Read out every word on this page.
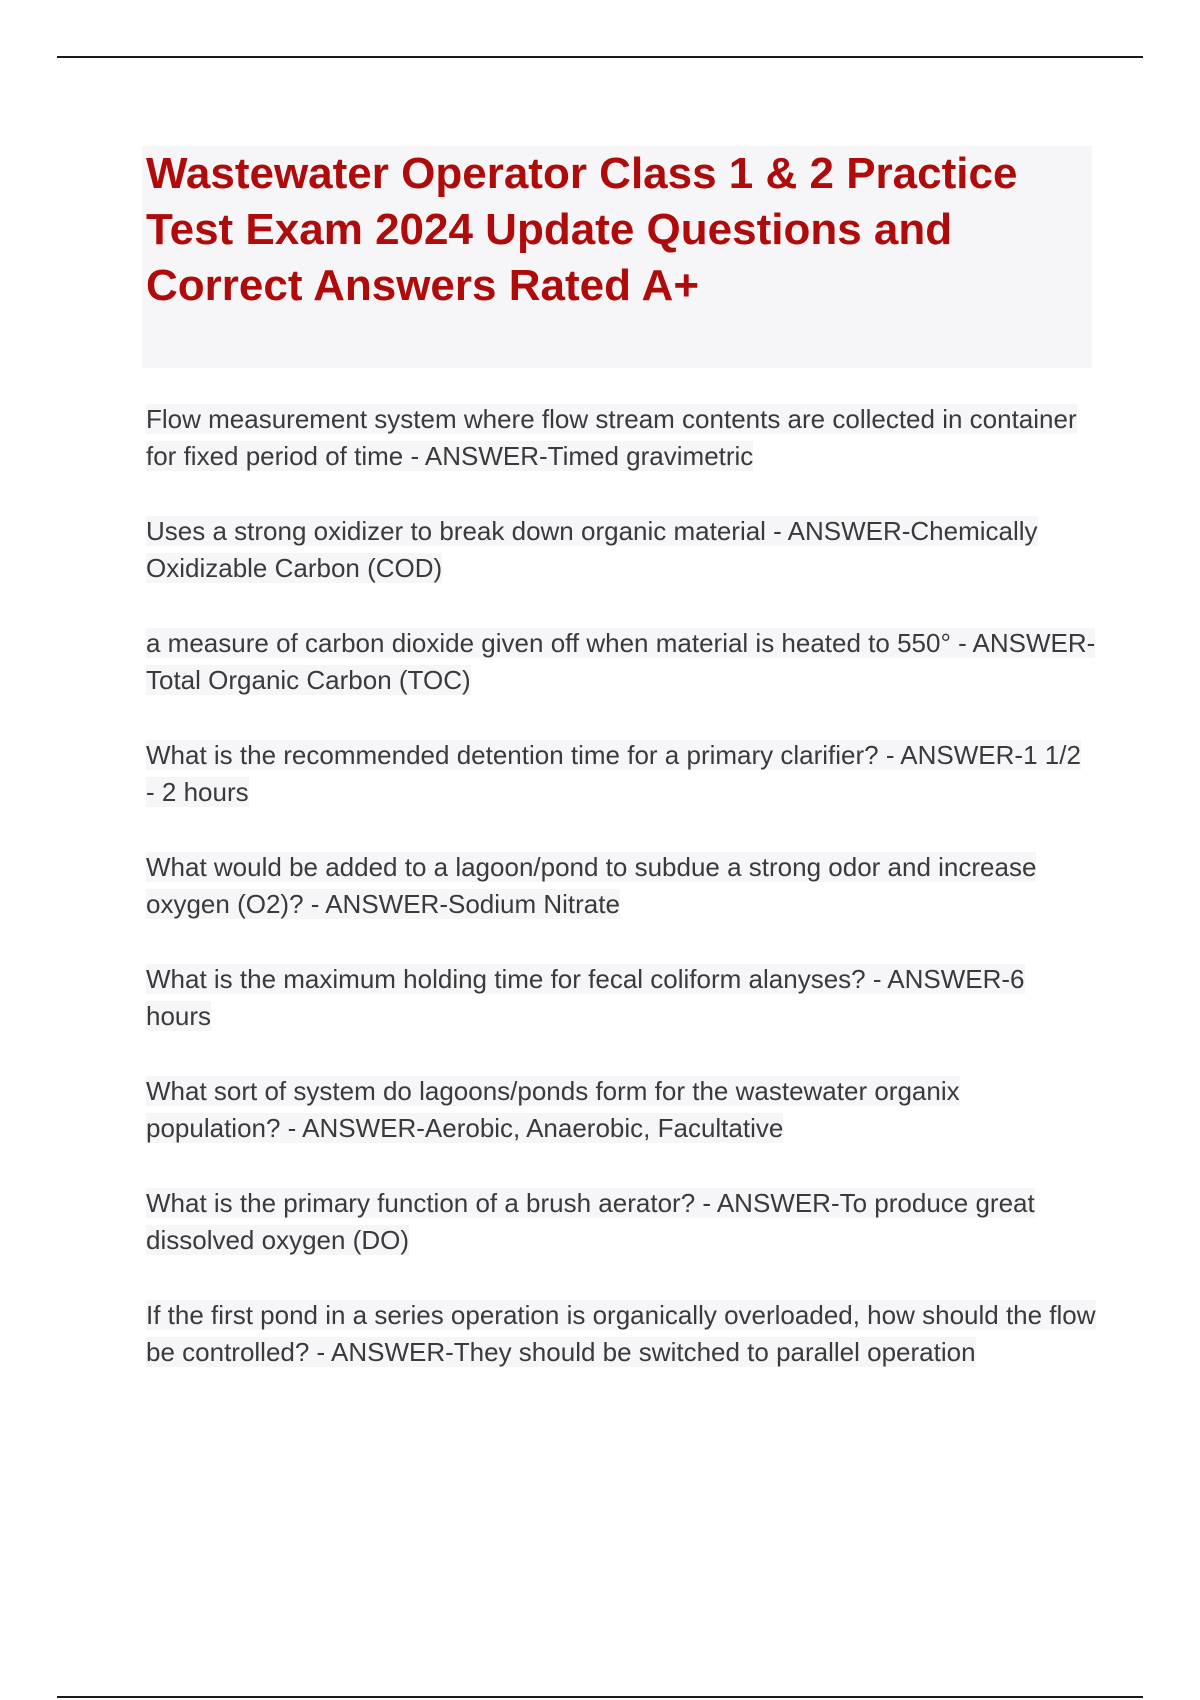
Wastewater Operator Class 1 & 2 Practice Test Exam 2024 Update Questions and Correct Answers Rated A+

Flow measurement system where flow stream contents are collected in container for fixed period of time - ANSWER-Timed gravimetric

Uses a strong oxidizer to break down organic material - ANSWER-Chemically Oxidizable Carbon (COD)

a measure of carbon dioxide given off when material is heated to 550° - ANSWER-Total Organic Carbon (TOC)

What is the recommended detention time for a primary clarifier? - ANSWER-1 1/2 - 2 hours

What would be added to a lagoon/pond to subdue a strong odor and increase oxygen (O2)? - ANSWER-Sodium Nitrate

What is the maximum holding time for fecal coliform alanyses? - ANSWER-6 hours

What sort of system do lagoons/ponds form for the wastewater organix population? - ANSWER-Aerobic, Anaerobic, Facultative

What is the primary function of a brush aerator? - ANSWER-To produce great dissolved oxygen (DO)

If the first pond in a series operation is organically overloaded, how should the flow be controlled? - ANSWER-They should be switched to parallel operation
